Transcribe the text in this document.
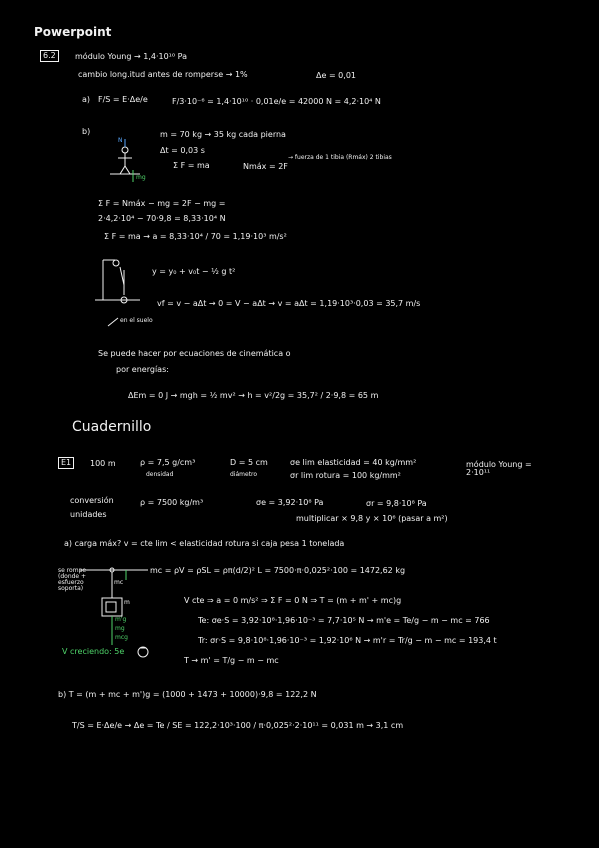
Powerpoint
6.2	módulo Young → 1,4·10¹⁰ Pa
cambio long.itud antes de romperse → 1%	Δe = 0,01
a) F/S = E·Δe/e	F/3·10⁻⁶ = 1,4·10¹⁰ · 0,01e/e = 42000 N = 4,2·10⁴ N
b)	m = 70 kg → 35 kg cada pierna
Δt = 0,03 s
Σ F = ma	Nmáx = 2F
→ fuerza de 1 tibia (Rmáx) 2 tibias
N
mg
Σ F = Nmáx − mg = 2F − mg =
2·4,2·10⁴ − 70·9,8 = 8,33·10⁴ N
Σ F = ma → a = 8,33·10⁴ / 70 = 1,19·10³ m/s²
y = y₀ + v₀t − ½ g t²
vf = v − aΔt → 0 = V − aΔt → v = aΔt = 1,19·10³·0,03 = 35,7 m/s
en el suelo
Se puede hacer por ecuaciones de cinemática o
por energías:
ΔEm = 0 J → mgh = ½ mv² → h = v²/2g = 35,7² / 2·9,8 = 65 m
Cuadernillo
E1	100 m	ρ = 7,5 g/cm³
densidad
D = 5 cm
diámetro
σe lim elasticidad = 40 kg/mm²
σr lim rotura = 100 kg/mm²
módulo Young = 2·10¹¹
conversión unidades
ρ = 7500 kg/m³	σe = 3,92·10⁸ Pa	σr = 9,8·10⁸ Pa
multiplicar × 9,8 y × 10⁶ (pasar a m²)
a) carga máx? v = cte lim < elasticidad rotura si caja pesa 1 tonelada
se rompe (donde + esfuerzo soporta)
mc
m
m'g
mg
mcg
mc = ρV = ρSL = ρπ(d/2)² L = 7500·π·0,025²·100 = 1472,62 kg
V cte ⇒ a = 0 m/s² ⇒ Σ F = 0 N ⇒ T = (m + m' + mc)g
Te: σe·S = 3,92·10⁸·1,96·10⁻³ = 7,7·10⁵ N → m'e = Te/g − m − mc = 766
Tr: σr·S = 9,8·10⁸·1,96·10⁻³ = 1,92·10⁶ N → m'r = Tr/g − m − mc = 193,4 t
T → m' = T/g − m − mc
V creciendo: 5e
b) T = (m + mc + m')g = (1000 + 1473 + 10000)·9,8 = 122,2 N
T/S = E·Δe/e → Δe = Te / SE = 122,2·10³·100 / π·0,025²·2·10¹¹ = 0,031 m → 3,1 cm
